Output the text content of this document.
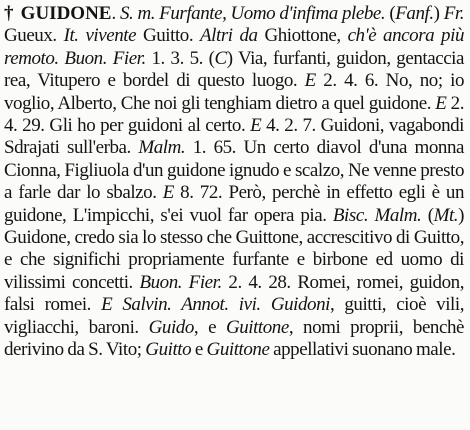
† GUIDONE. S. m. Furfante, Uomo d'infima plebe. (Fanf.) Fr. Gueux. It. vivente Guitto. Altri da Ghiottone, ch'è ancora più remoto. Buon. Fier. 1. 3. 5. (C) Via, furfanti, guidon, gentaccia rea, Vitupero e bordel di questo luogo. E 2. 4. 6. No, no; io voglio, Alberto, Che noi gli tenghiam dietro a quel guidone. E 2. 4. 29. Gli ho per guidoni al certo. E 4. 2. 7. Guidoni, vagabondi Sdrajati sull'erba. Malm. 1. 65. Un certo diavol d'una monna Cionna, Figliuola d'un guidone ignudo e scalzo, Ne venne presto a farle dar lo sbalzo. E 8. 72. Però, perchè in effetto egli è un guidone, L'impicchi, s'ei vuol far opera pia. Bisc. Malm. (Mt.) Guidone, credo sia lo stesso che Guittone, accrescitivo di Guitto, e che significhi propriamente furfante e birbone ed uomo di vilissimi concetti. Buon. Fier. 2. 4. 28. Romei, romei, guidon, falsi romei. E Salvin. Annot. ivi. Guidoni, guitti, cioè vili, vigliacchi, baroni. Guido, e Guittone, nomi proprii, benchè derivino da S. Vito; Guitto e Guittone appellativi suonano male.
